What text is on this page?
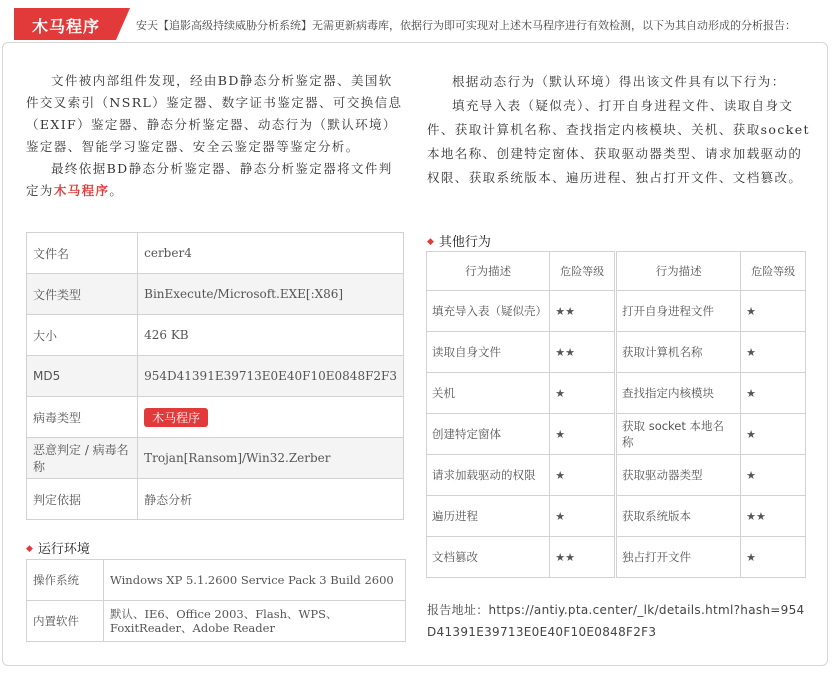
木马程序	安天【追影高级持续威胁分析系统】无需更新病毒库，依据行为即可实现对上述木马程序进行有效检测，以下为其自动形成的分析报告：

文件被内部组件发现，经由BD静态分析鉴定器、美国软件交叉索引（NSRL）鉴定器、数字证书鉴定器、可交换信息（EXIF）鉴定器、静态分析鉴定器、动态行为（默认环境）鉴定器、智能学习鉴定器、安全云鉴定器等鉴定分析。

最终依据BD静态分析鉴定器、静态分析鉴定器将文件判定为木马程序。

根据动态行为（默认环境）得出该文件具有以下行为：

填充导入表（疑似壳）、打开自身进程文件、读取自身文件、获取计算机名称、查找指定内核模块、关机、获取socket本地名称、创建特定窗体、获取驱动器类型、请求加载驱动的权限、获取系统版本、遍历进程、独占打开文件、文档篡改。

文件名	cerber4
文件类型	BinExecute/Microsoft.EXE[:X86]
大小	426 KB
MD5	954D41391E39713E0E40F10E0848F2F3
病毒类型	木马程序
恶意判定 / 病毒名称	Trojan[Ransom]/Win32.Zerber
判定依据	静态分析
◆ 运行环境
操作系统	Windows XP 5.1.2600 Service Pack 3 Build 2600
内置软件	默认、IE6、Office 2003、Flash、WPS、FoxitReader、Adobe Reader
◆ 其他行为
行为描述	危险等级	行为描述	危险等级
填充导入表（疑似壳）	★★	打开自身进程文件	★
读取自身文件	★★	获取计算机名称	★
关机	★	查找指定内核模块	★
创建特定窗体	★	获取 socket 本地名称	★
请求加载驱动的权限	★	获取驱动器类型	★
遍历进程	★	获取系统版本	★★
文档篡改	★★	独占打开文件	★
报告地址：https://antiy.pta.center/_lk/details.html?hash=954D41391E39713E0E40F10E0848F2F3
